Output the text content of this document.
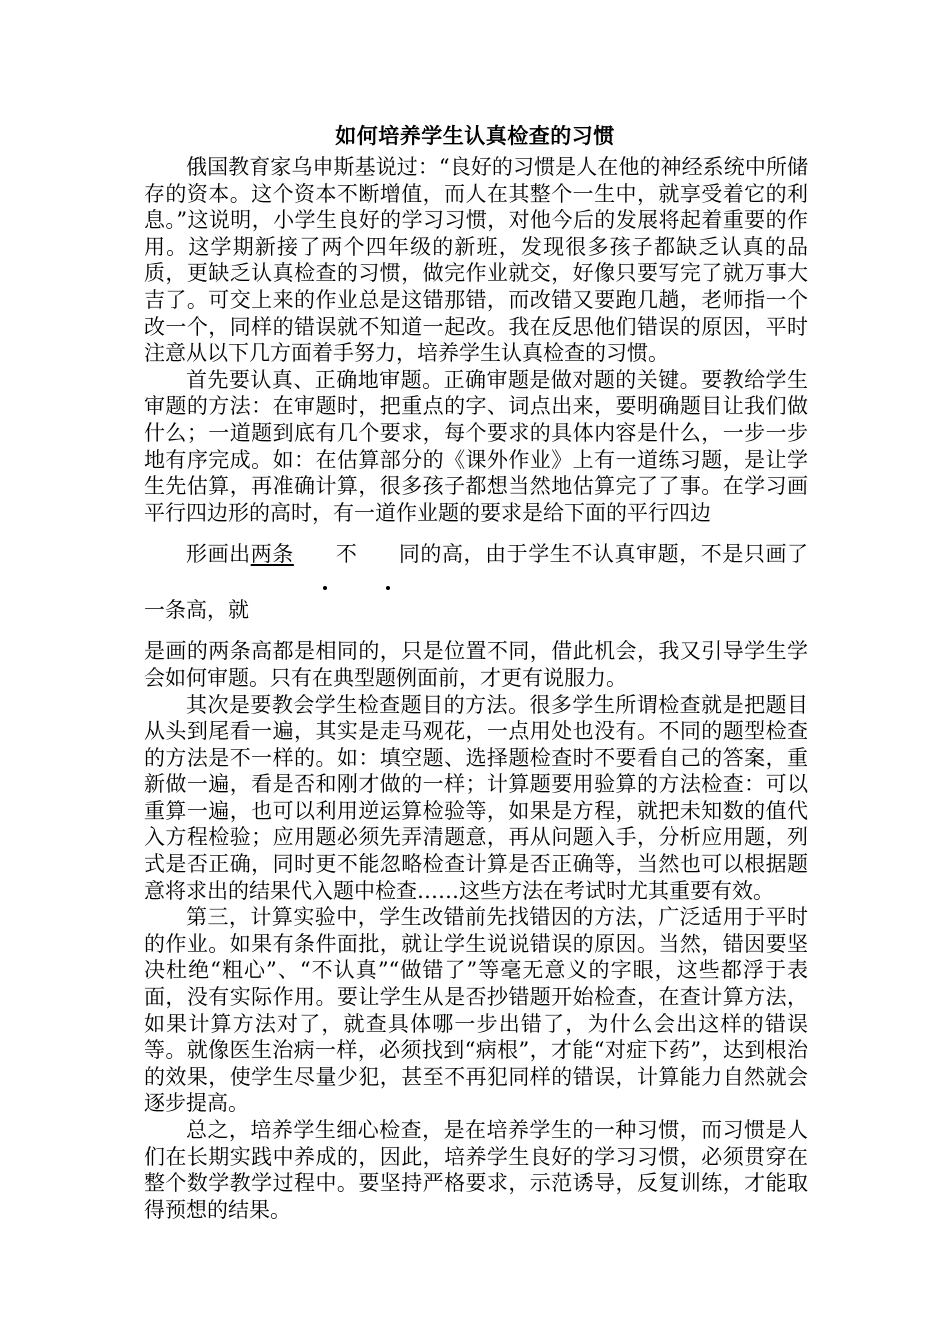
如何培养学生认真检查的习惯

俄国教育家乌申斯基说过：“良好的习惯是人在他的神经系统中所储存的资本。这个资本不断增值，而人在其整个一生中，就享受着它的利息。”这说明，小学生良好的学习习惯，对他今后的发展将起着重要的作用。这学期新接了两个四年级的新班，发现很多孩子都缺乏认真的品质，更缺乏认真检查的习惯，做完作业就交，好像只要写完了就万事大吉了。可交上来的作业总是这错那错，而改错又要跑几趟，老师指一个改一个，同样的错误就不知道一起改。我在反思他们错误的原因，平时注意从以下几方面着手努力，培养学生认真检查的习惯。

首先要认真、正确地审题。正确审题是做对题的关键。要教给学生审题的方法：在审题时，把重点的字、词点出来，要明确题目让我们做什么；一道题到底有几个要求，每个要求的具体内容是什么，一步一步地有序完成。如：在估算部分的《课外作业》上有一道练习题，是让学生先估算，再准确计算，很多孩子都想当然地估算完了了事。在学习画平行四边形的高时，有一道作业题的要求是给下面的平行四边
形画出两条 不 同的高，由于学生不认真审题，不是只画了一条高，就
是画的两条高都是相同的，只是位置不同，借此机会，我又引导学生学会如何审题。只有在典型题例面前，才更有说服力。

其次是要教会学生检查题目的方法。很多学生所谓检查就是把题目从头到尾看一遍，其实是走马观花，一点用处也没有。不同的题型检查的方法是不一样的。如：填空题、选择题检查时不要看自己的答案，重新做一遍，看是否和刚才做的一样；计算题要用验算的方法检查：可以重算一遍，也可以利用逆运算检验等，如果是方程，就把未知数的值代入方程检验；应用题必须先弄清题意，再从问题入手，分析应用题，列式是否正确，同时更不能忽略检查计算是否正确等，当然也可以根据题意将求出的结果代入题中检查……这些方法在考试时尤其重要有效。

第三，计算实验中，学生改错前先找错因的方法，广泛适用于平时的作业。如果有条件面批，就让学生说说错误的原因。当然，错因要坚决杜绝“粗心”、“不认真”“做错了”等毫无意义的字眼，这些都浮于表面，没有实际作用。要让学生从是否抄错题开始检查，在查计算方法，如果计算方法对了，就查具体哪一步出错了，为什么会出这样的错误等。就像医生治病一样，必须找到“病根”，才能“对症下药”，达到根治的效果，使学生尽量少犯，甚至不再犯同样的错误，计算能力自然就会逐步提高。

总之，培养学生细心检查，是在培养学生的一种习惯，而习惯是人们在长期实践中养成的，因此，培养学生良好的学习习惯，必须贯穿在整个数学教学过程中。要坚持严格要求，示范诱导，反复训练，才能取得预想的结果。
